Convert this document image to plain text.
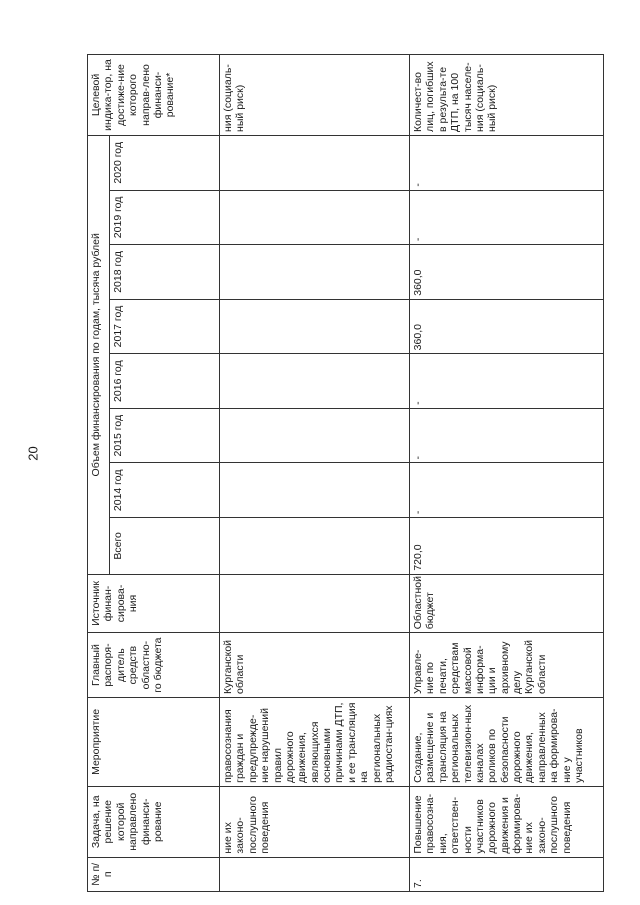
20
№ п/п	Задача, на решение которой направлено финанси-рование	Мероприятие	Главный распоря-дитель средств областно-го бюджета	Источник финан-сирова-ния	Объем финансирования по годам, тысяча рублей								Целевой индика-тор, на достиже-ние которого направ-лено финанси-рование*
					Всего	2014 год	2015 год	2016 год	2017 год	2018 год	2019 год	2020 год	
	ние их законо-послушного поведения	правосознания граждан и предупрежде-ние нарушений правил дорожного движения, являющихся основными причинами ДТП, и ее трансляция на региональных радиостан-циях	Курганской области										ния (социаль-ный риск)
7.	Повышение правосозна-ния, ответствен-ности участников дорожного движения и формирова-ние их законо-послушного поведения	Создание, размещение и трансляция на региональных телевизион-ных каналах роликов по безопасности дорожного движения, направленных на формирова-ние у участников	Управле-ние по печати, средствам массовой информа-ции и архивному делу Курганской области	Областной бюджет	720,0	-	-	-	360,0	360,0	-	-	Количест-во лиц, погибших в результа-те ДТП, на 100 тысяч населе-ния (социаль-ный риск)
